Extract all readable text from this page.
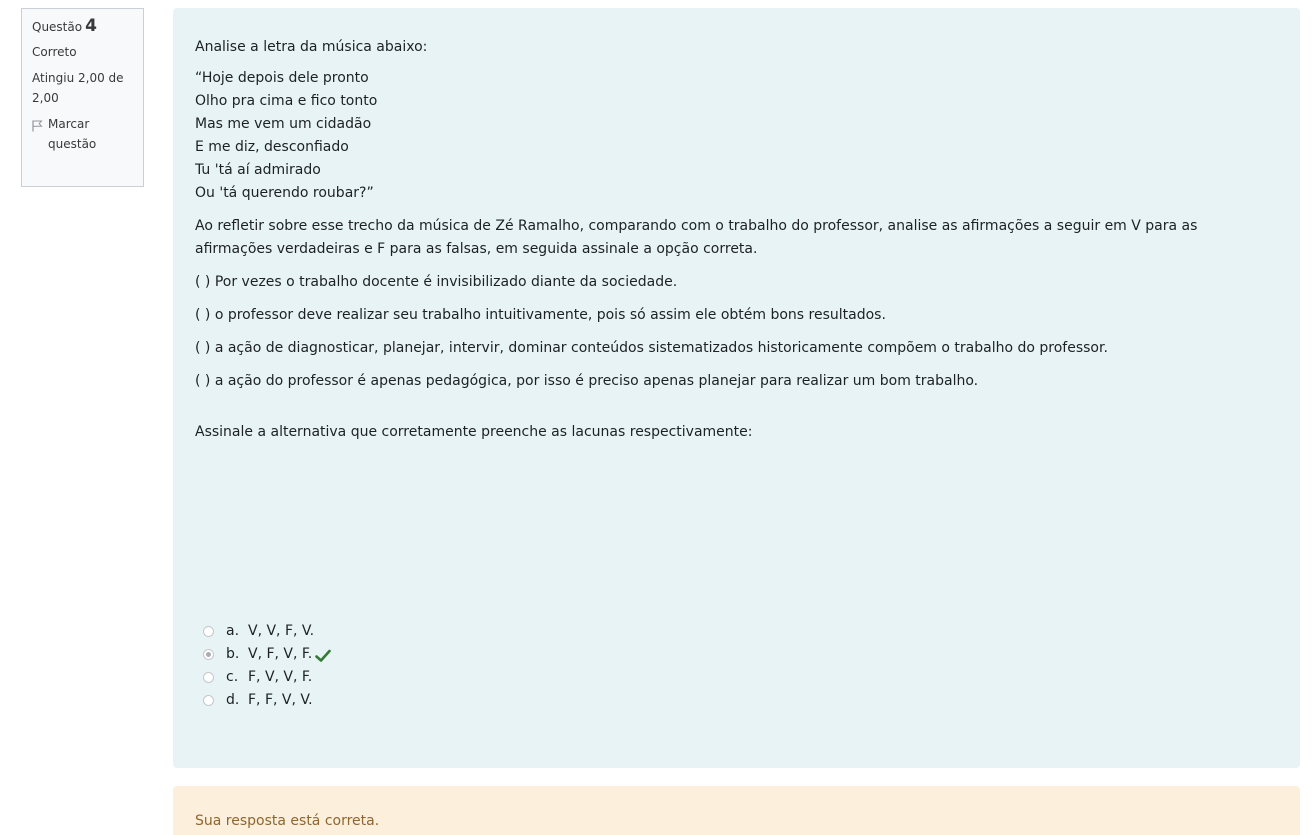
Questão 4
Correto
Atingiu 2,00 de 2,00
Marcar questão

Analise a letra da música abaixo:

“Hoje depois dele pronto
Olho pra cima e fico tonto
Mas me vem um cidadão
E me diz, desconfiado
Tu 'tá aí admirado
Ou 'tá querendo roubar?”

Ao refletir sobre esse trecho da música de Zé Ramalho, comparando com o trabalho do professor, analise as afirmações a seguir em V para as afirmações verdadeiras e F para as falsas, em seguida assinale a opção correta.

( ) Por vezes o trabalho docente é invisibilizado diante da sociedade.

( ) o professor deve realizar seu trabalho intuitivamente, pois só assim ele obtém bons resultados.

( ) a ação de diagnosticar, planejar, intervir, dominar conteúdos sistematizados historicamente compõem o trabalho do professor.

( ) a ação do professor é apenas pedagógica, por isso é preciso apenas planejar para realizar um bom trabalho.

Assinale a alternativa que corretamente preenche as lacunas respectivamente:

a. V, V, F, V.
b. V, F, V, F.
c. F, V, V, F.
d. F, F, V, V.
Sua resposta está correta.
